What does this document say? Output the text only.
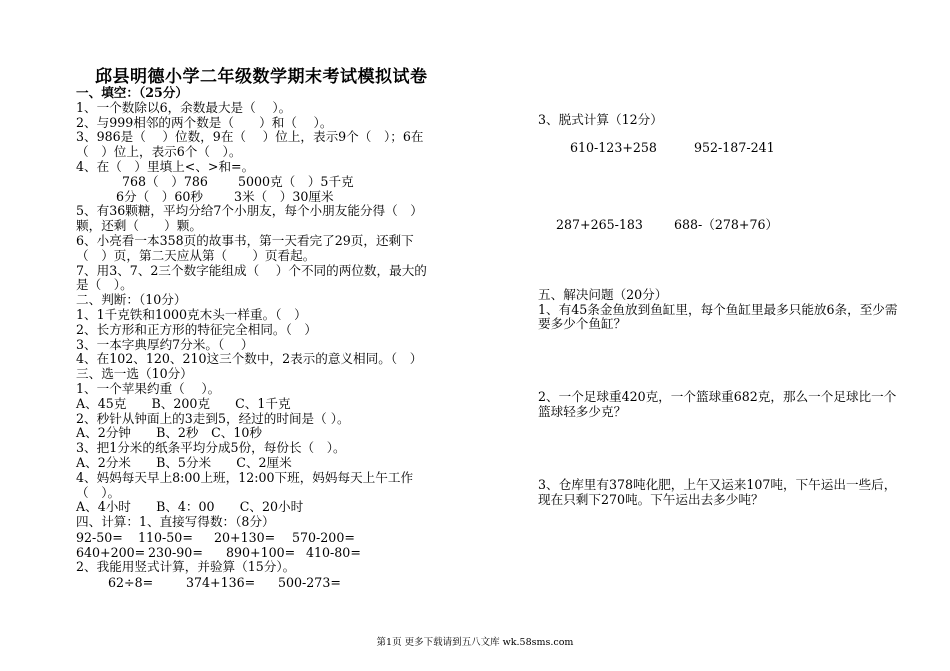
邱县明德小学二年级数学期末考试模拟试卷
一、填空：（25分）
1、一个数除以6，余数最大是（　 ）。
2、与999相邻的两个数是（　　）和（　 ）。
3、986是（　 ）位数，9在（　 ）位上，表示9个（　）；6在（　）位上，表示6个（　）。
4、在（　）里填上<、>和=。
768（　）786	5000克（　）5千克
6分（　）60秒	3米（　）30厘米
5、有36颗糖，平均分给7个小朋友，每个小朋友能分得（　）颗，还剩（　　）颗。
6、小亮看一本358页的故事书，第一天看完了29页，还剩下（　）页，第二天应从第（　　）页看起。
7、用3、7、2三个数字能组成（　 ）个不同的两位数，最大的是（　）。
二、判断：（10分）
1、1千克铁和1000克木头一样重。（　）
2、长方形和正方形的特征完全相同。（　）
3、一本字典厚约7分米。（　 ）
4、在102、120、210这三个数中，2表示的意义相同。（　）
三、选一选（10分）
1、一个苹果约重（　 ）。
A、45克　　B、200克　　C、1千克
2、秒针从钟面上的3走到5，经过的时间是（ ）。
A、2分钟　　B、2秒　C、10秒
3、把1分米的纸条平均分成5份，每份长（　）。
A、2分米　　B、5分米　　C、2厘米
4、妈妈每天早上8:00上班，12:00下班，妈妈每天上午工作（　）。
A、4小时　　B、4：00　　C、20小时
四、计算：1、直接写得数：（8分）
92-50=	110-50=	20+130=	570-200=
640+200= 230-90=	890+100= 410-80=
2、我能用竖式计算，并验算（15分）。
62÷8=	374+136=	500-273=
3、脱式计算（12分）
610-123+258	952-187-241
287+265-183	688-（278+76）
五、解决问题（20分）
1、有45条金鱼放到鱼缸里，每个鱼缸里最多只能放6条，至少需要多少个鱼缸？
2、一个足球重420克，一个篮球重682克，那么一个足球比一个篮球轻多少克？
3、仓库里有378吨化肥，上午又运来107吨，下午运出一些后，现在只剩下270吨。下午运出去多少吨？
第1页 更多下载请到五八文库 wk.58sms.com
